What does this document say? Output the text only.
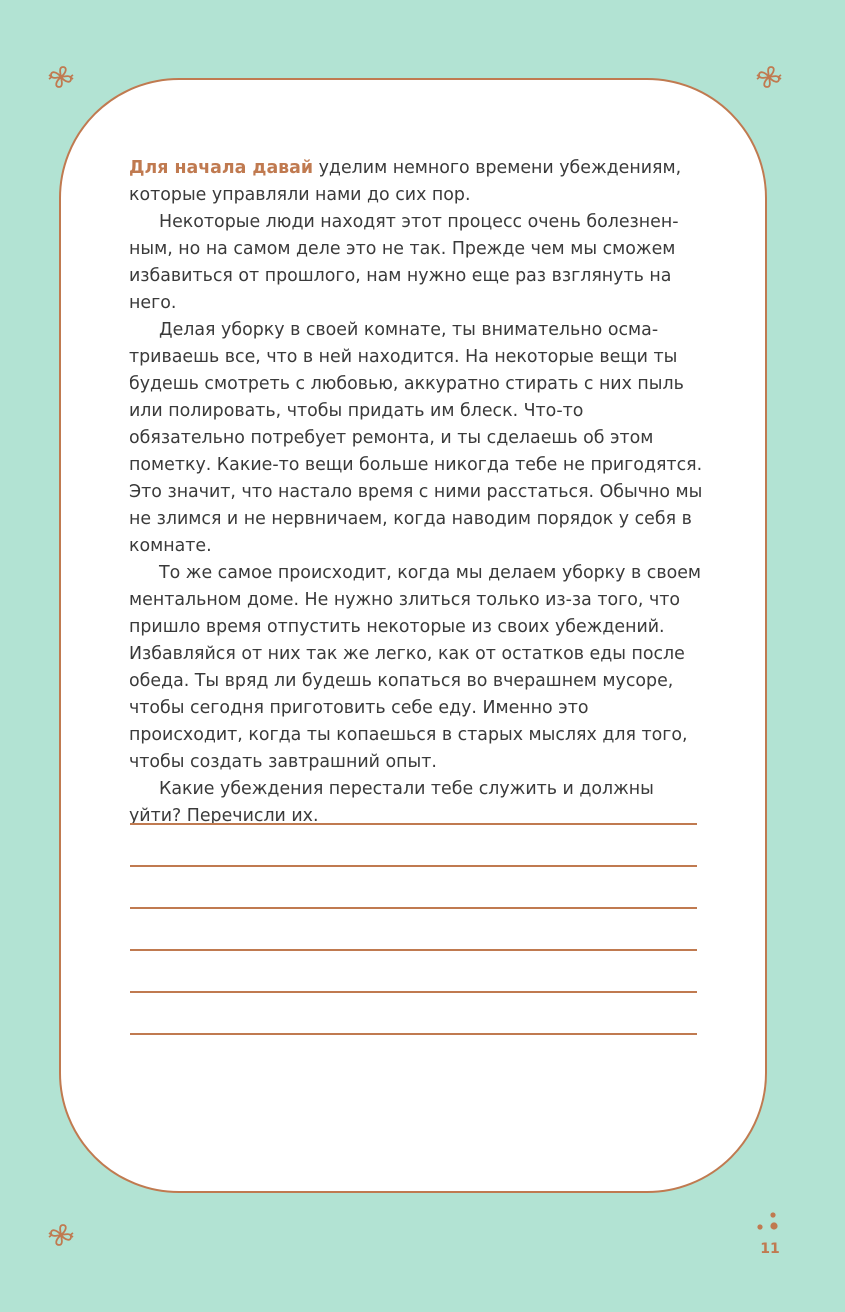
Для начала давай уделим немного времени убеждениям, которые управляли нами до сих пор.

Некоторые люди находят этот процесс очень болезненным, но на самом деле это не так. Прежде чем мы сможем избавиться от прошлого, нам нужно еще раз взглянуть на него.

Делая уборку в своей комнате, ты внимательно осматриваешь все, что в ней находится. На некоторые вещи ты будешь смотреть с любовью, аккуратно стирать с них пыль или полировать, чтобы придать им блеск. Что-то обязательно потребует ремонта, и ты сделаешь об этом пометку. Какие-то вещи больше никогда тебе не пригодятся. Это значит, что настало время с ними расстаться. Обычно мы не злимся и не нервничаем, когда наводим порядок у себя в комнате.

То же самое происходит, когда мы делаем уборку в своем ментальном доме. Не нужно злиться только из-за того, что пришло время отпустить некоторые из своих убеждений. Избавляйся от них так же легко, как от остатков еды после обеда. Ты вряд ли будешь копаться во вчерашнем мусоре, чтобы сегодня приготовить себе еду. Именно это происходит, когда ты копаешься в старых мыслях для того, чтобы создать завтрашний опыт.

Какие убеждения перестали тебе служить и должны уйти? Перечисли их.

11
